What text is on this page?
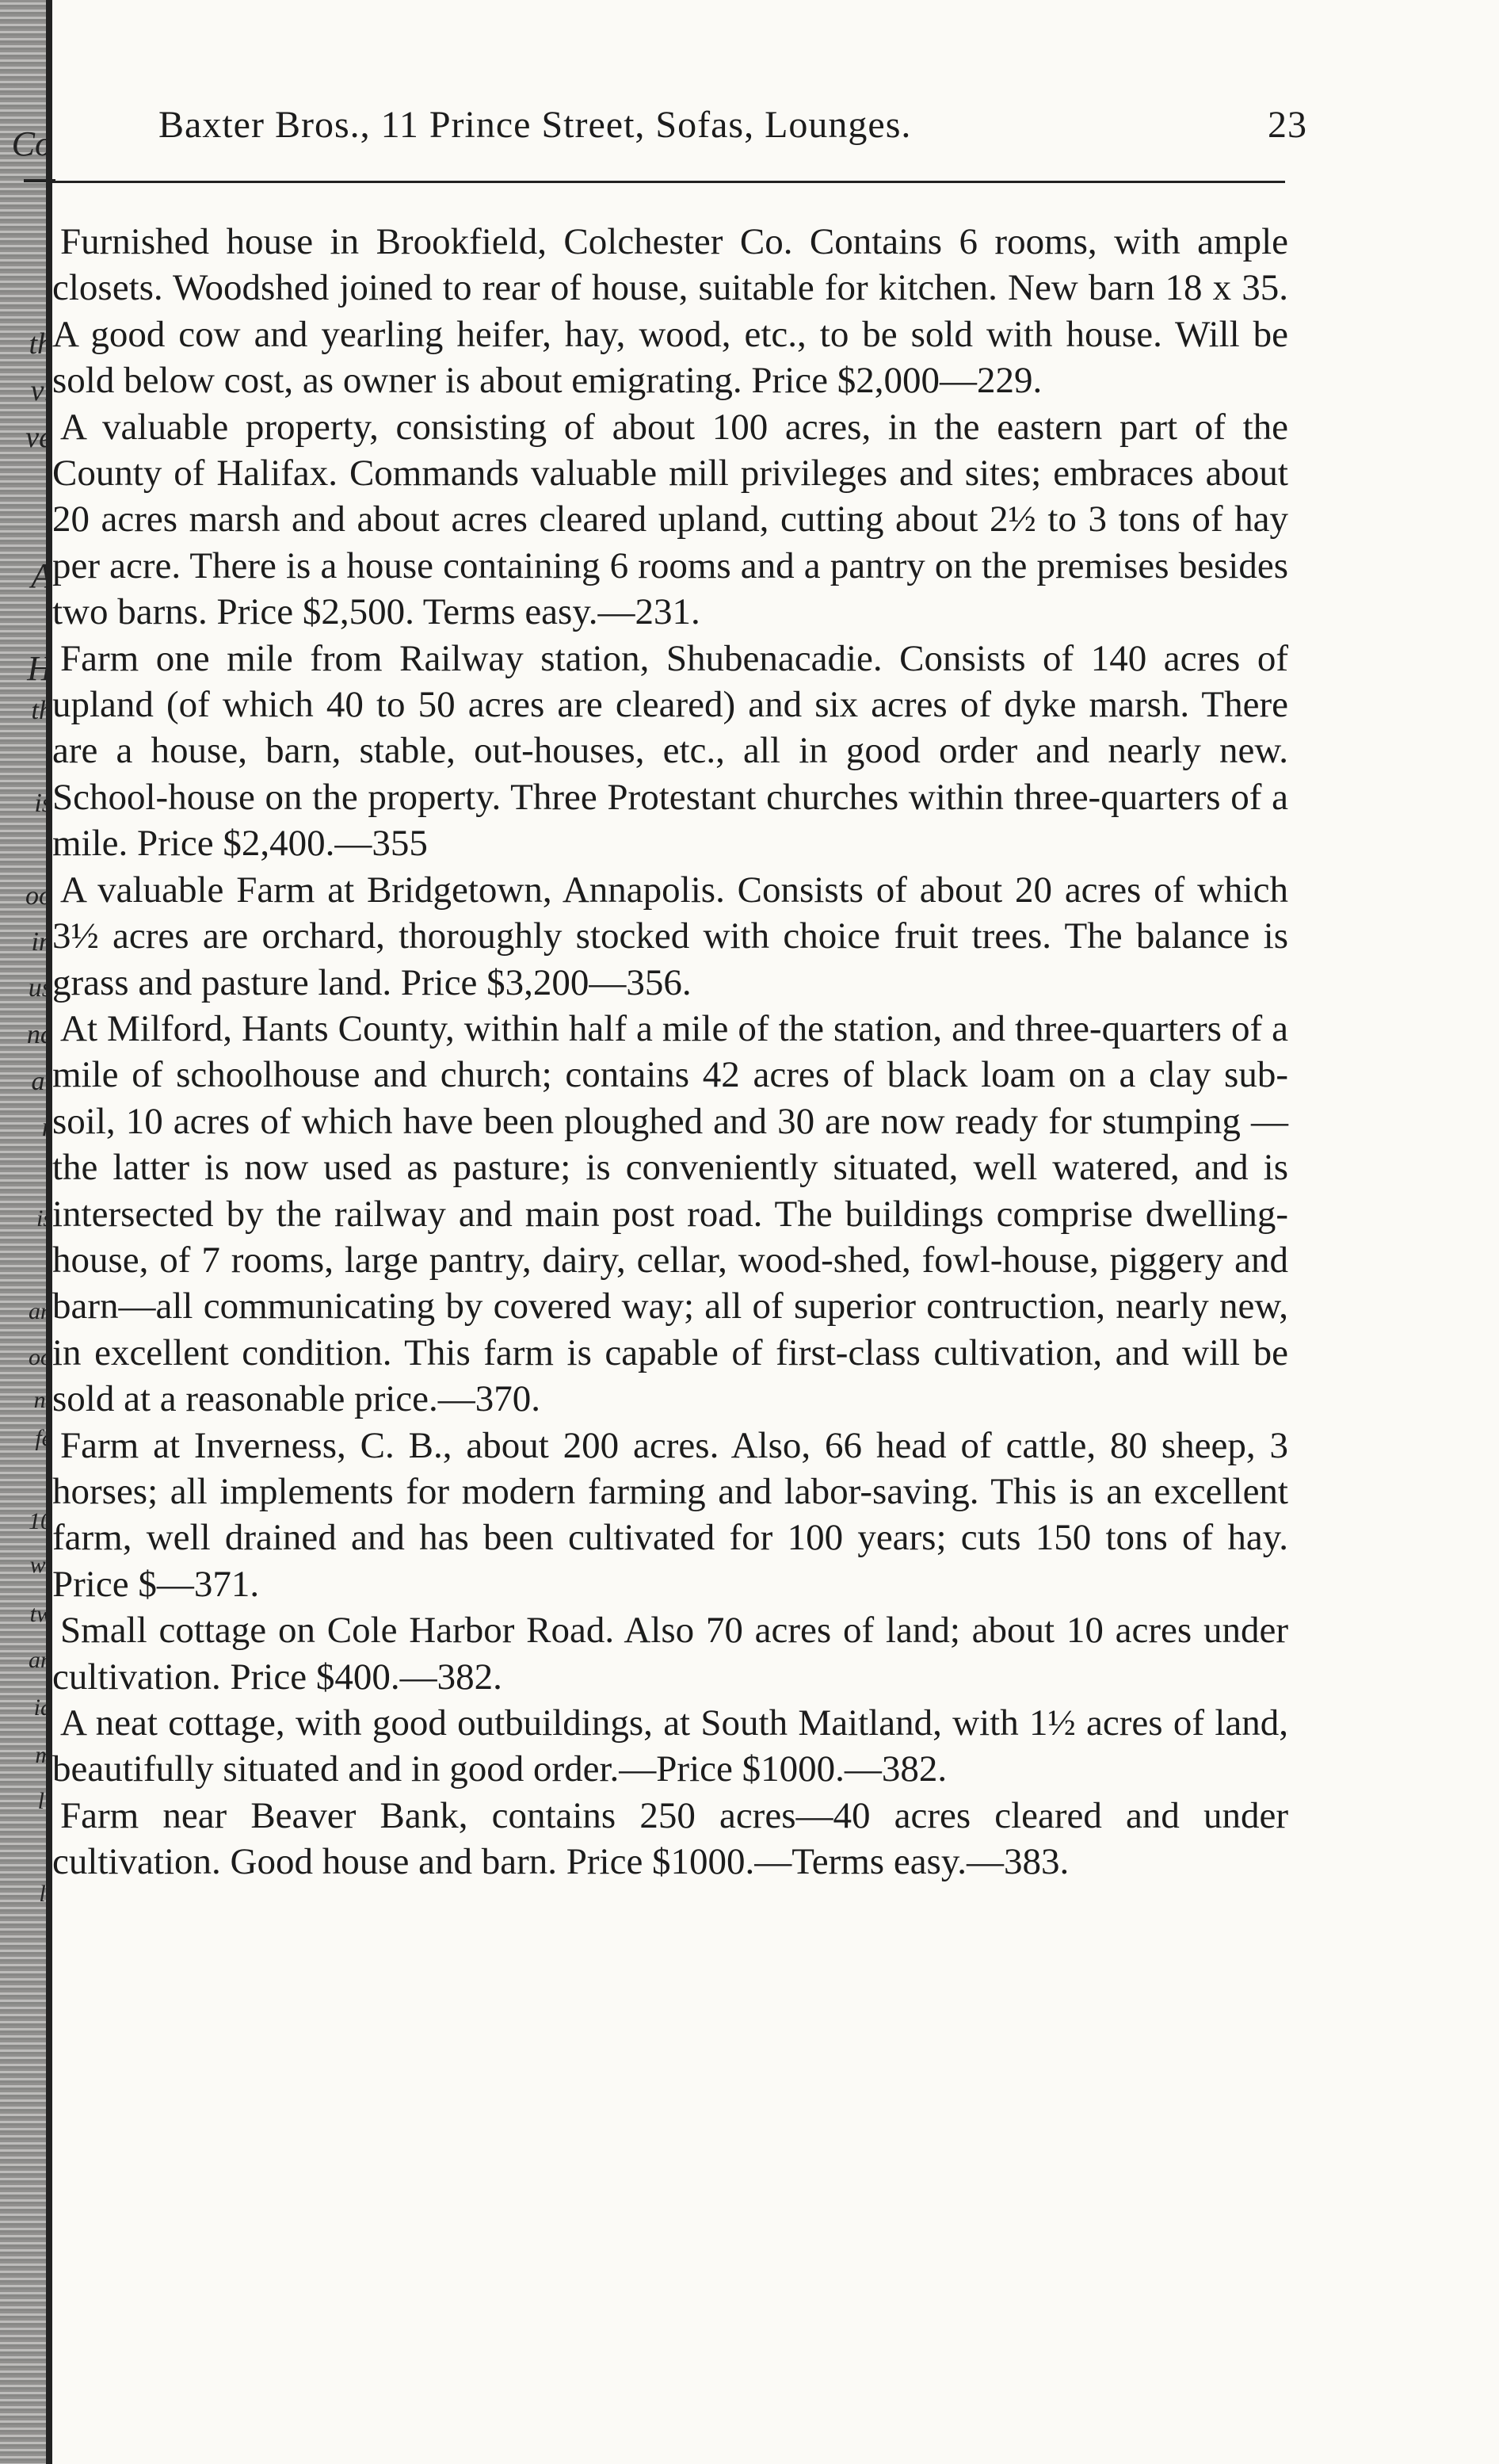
Co
th
vi
ve
A
H
th
is
oo
in
us
nc
al
r
is
an
oo
ni
fe
10
wi
tw
an
id
m
l:
li
Baxter Bros., 11 Prince Street, Sofas, Lounges.	23

Furnished house in Brookfield, Colchester Co. Contains 6 rooms, with ample closets. Woodshed joined to rear of house, suitable for kitchen. New barn 18 x 35. A good cow and yearling heifer, hay, wood, etc., to be sold with house. Will be sold below cost, as owner is about emigrating. Price $2,000—229.

A valuable property, consisting of about 100 acres, in the eastern part of the County of Halifax. Commands valuable mill privileges and sites; embraces about 20 acres marsh and about acres cleared upland, cutting about 2½ to 3 tons of hay per acre. There is a house containing 6 rooms and a pantry on the premises besides two barns. Price $2,500. Terms easy.—231.

Farm one mile from Railway station, Shubenacadie. Consists of 140 acres of upland (of which 40 to 50 acres are cleared) and six acres of dyke marsh. There are a house, barn, stable, out-houses, etc., all in good order and nearly new. School-house on the property. Three Protestant churches within three-quarters of a mile. Price $2,400.—355

A valuable Farm at Bridgetown, Annapolis. Consists of about 20 acres of which 3½ acres are orchard, thoroughly stocked with choice fruit trees. The balance is grass and pasture land. Price $3,200—356.

At Milford, Hants County, within half a mile of the station, and three-quarters of a mile of schoolhouse and church; contains 42 acres of black loam on a clay sub-soil, 10 acres of which have been ploughed and 30 are now ready for stumping —the latter is now used as pasture; is conveniently situated, well watered, and is intersected by the railway and main post road. The buildings comprise dwelling-house, of 7 rooms, large pantry, dairy, cellar, wood-shed, fowl-house, piggery and barn—all communicating by covered way; all of superior contruction, nearly new, in excellent condition. This farm is capable of first-class cultivation, and will be sold at a reasonable price.—370.

Farm at Inverness, C. B., about 200 acres. Also, 66 head of cattle, 80 sheep, 3 horses; all implements for modern farming and labor-saving. This is an excellent farm, well drained and has been cultivated for 100 years; cuts 150 tons of hay. Price $—371.

Small cottage on Cole Harbor Road. Also 70 acres of land; about 10 acres under cultivation. Price $400.—382.

A neat cottage, with good outbuildings, at South Maitland, with 1½ acres of land, beautifully situated and in good order.—Price $1000.—382.

Farm near Beaver Bank, contains 250 acres—40 acres cleared and under cultivation. Good house and barn. Price $1000.—Terms easy.—383.
